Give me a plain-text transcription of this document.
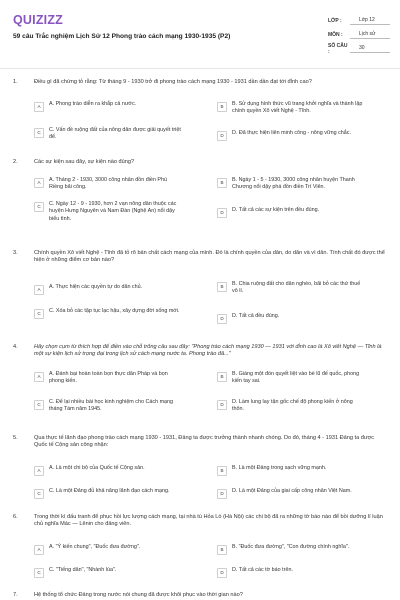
QUIZIZZ
59 câu Trắc nghiệm Lịch Sử 12 Phong trào cách mạng 1930-1935 (P2)
LỚP :	Lớp 12
MÔN :	Lịch sử
SỐ CÂU :
30
1.	Điều gì đã chứng tỏ rằng: Từ tháng 9 - 1930 trở đi phong trào cách mạng 1930 - 1931 dần dần đạt tới đỉnh cao?
A	A. Phong trào diễn ra khắp cả nước.	B	B. Sử dụng hình thức vũ trang khởi nghĩa và thành lập chính quyền Xô viết Nghệ - Tĩnh.
C	C. Vấn đề ruộng đất của nông dân được giải quyết triệt để.	D	D. Đã thực hiện liên minh công - nông vững chắc.
2.	Các sự kiện sau đây, sự kiện nào đúng?
A	A. Tháng 2 - 1930, 3000 công nhân đồn điền Phú Riềng bãi công.
B	B. Ngày 1 - 5 - 1930, 3000 công nhân huyện Thanh Chương nổi dậy phá đồn điền Trí Viên.
C	C. Ngày 12 - 9 - 1930, hơn 2 vạn nông dân thuộc các huyện Hưng Nguyên và Nam Đàn (Nghệ An) nổi dậy biểu tình.
D	D. Tất cả các sự kiện trên đều đúng.
3.	Chính quyền Xô viết Nghệ - Tĩnh đã tỏ rõ bản chất cách mạng của mình. Đó là chính quyền của dân, do dân và vì dân. Tính chất đó được thể hiện ở những điểm cơ bản nào?
A	A. Thực hiện các quyền tự do dân chủ.	B	B. Chia ruộng đất cho dân nghèo, bãi bỏ các thứ thuế vô lí.
C	C. Xóa bỏ các tập tục lạc hậu, xây dựng đời sống mới.
D	D. Tất cả đều đúng.
4.	Hãy chọn cụm từ thích hợp để điền vào chỗ trống câu sau đây: "Phong trào cách mạng 1930 — 1931 với đỉnh cao là Xô viết Nghệ — Tĩnh là một sự kiện lịch sử trọng đại trong lịch sử cách mạng nước ta. Phong trào đã..."
A	A. Đánh bại hoàn toàn bọn thực dân Pháp và bọn phong kiến.
B	B. Giáng một đòn quyết liệt vào bè lũ đế quốc, phong kiến tay sai.
C	C. Để lại nhiều bài học kinh nghiệm cho Cách mạng tháng Tám năm 1945.
D	D. Làm lung lay tận gốc chế độ phong kiến ở nông thôn.
5.	Qua thực tế lãnh đạo phong trào cách mạng 1930 - 1931, Đảng ta được trưởng thành nhanh chóng. Do đó, tháng 4 - 1931 Đảng ta được Quốc tế Cộng sản công nhận:
A	A. Là một chi bộ của Quốc tế Cộng sản.	B	B. Là một Đảng trong sạch vững mạnh.
C	C. Là một Đảng đủ khả năng lãnh đạo cách mạng.	D	D. Là một Đảng của giai cấp công nhân Việt Nam.
6.	Trong thời kì đấu tranh để phục hồi lực lượng cách mạng, tại nhà tù Hỏa Lò (Hà Nội) các chi bộ đã ra những tờ báo nào để bồi dưỡng lí luận chủ nghĩa Mác — Lênin cho đảng viên.
A	A. "Ý kiến chung", "Đuốc đưa đường".	B	B. "Đuốc đưa đường", "Con đường chính nghĩa".
C	C. "Tiếng dân", "Nhành lúa".	D	D. Tất cả các tờ báo trên.
7.	Hệ thống tổ chức Đảng trong nước nói chung đã được khôi phục vào thời gian nào?
